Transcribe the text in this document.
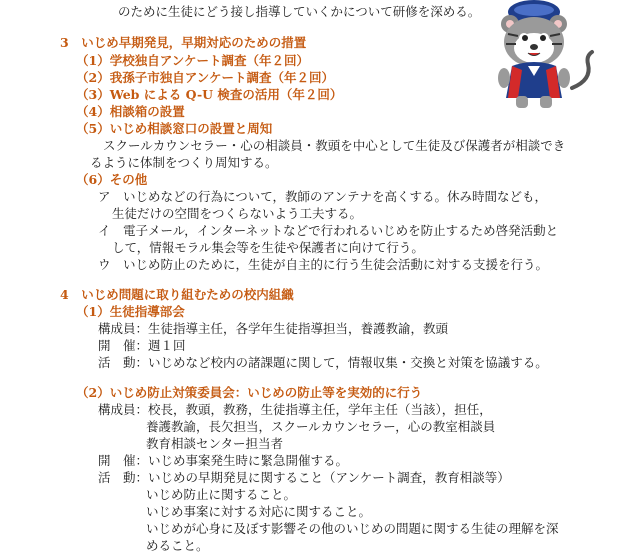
のために生徒にどう接し指導していくかについて研修を深める。
3　いじめ早期発見，早期対応のための措置
（1）学校独自アンケート調査（年２回）
（2）我孫子市独自アンケート調査（年２回）
（3）Web による Q-U 検査の活用（年２回）
（4）相談箱の設置
（5）いじめ相談窓口の設置と周知
スクールカウンセラー・心の相談員・教頭を中心として生徒及び保護者が相談でき
るように体制をつくり周知する。
（6）その他
ア　いじめなどの行為について，教師のアンテナを高くする。休み時間なども，
生徒だけの空間をつくらないよう工夫する。
イ　電子メール，インターネットなどで行われるいじめを防止するため啓発活動と
して，情報モラル集会等を生徒や保護者に向けて行う。
ウ　いじめ防止のために，生徒が自主的に行う生徒会活動に対する支援を行う。
4　いじめ問題に取り組むための校内組織
（1）生徒指導部会
構成員：生徒指導主任，各学年生徒指導担当，養護教諭，教頭
開　催：週１回
活　動：いじめなど校内の諸課題に関して，情報収集・交換と対策を協議する。
（2）いじめ防止対策委員会：いじめの防止等を実効的に行う
構成員：校長，教頭，教務，生徒指導主任，学年主任（当該），担任，
養護教諭，長欠担当，スクールカウンセラー，心の教室相談員
教育相談センター担当者
開　催：いじめ事案発生時に緊急開催する。
活　動：いじめの早期発見に関すること（アンケート調査，教育相談等）
いじめ防止に関すること。
いじめ事案に対する対応に関すること。
いじめが心身に及ぼす影響その他のいじめの問題に関する生徒の理解を深
めること。
